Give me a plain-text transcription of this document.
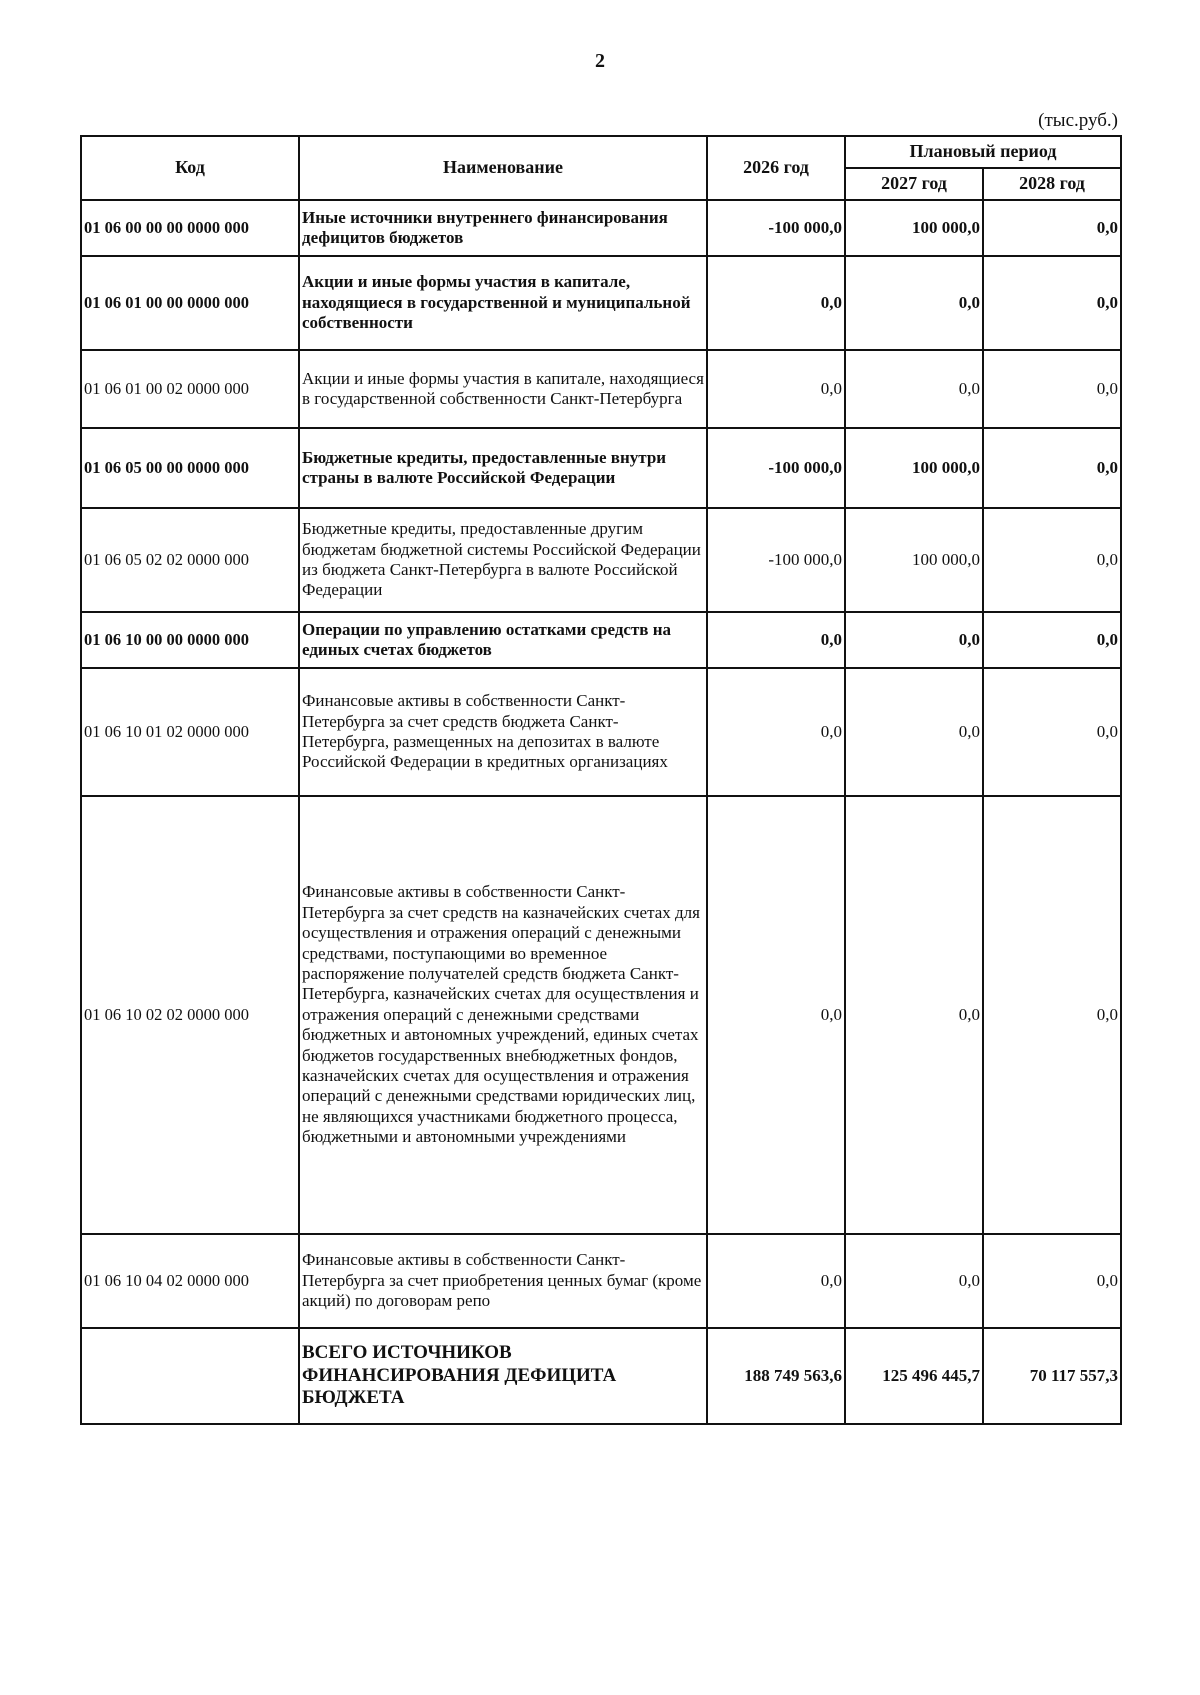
2
(тыс.руб.)
Код	Наименование	2026 год	Плановый период	
			2027 год	2028 год
01 06 00 00 00 0000 000	Иные источники внутреннего финансирования дефицитов бюджетов	-100 000,0	100 000,0	0,0
01 06 01 00 00 0000 000	Акции и иные формы участия в капитале, находящиеся в государственной и муниципальной собственности	0,0	0,0	0,0
01 06 01 00 02 0000 000	Акции и иные формы участия в капитале, находящиеся в государственной собственности Санкт-Петербурга	0,0	0,0	0,0
01 06 05 00 00 0000 000	Бюджетные кредиты, предоставленные внутри страны в валюте Российской Федерации	-100 000,0	100 000,0	0,0
01 06 05 02 02 0000 000	Бюджетные кредиты, предоставленные другим бюджетам бюджетной системы Российской Федерации из бюджета Санкт-Петербурга в валюте Российской Федерации	-100 000,0	100 000,0	0,0
01 06 10 00 00 0000 000	Операции по управлению остатками средств на единых счетах бюджетов	0,0	0,0	0,0
01 06 10 01 02 0000 000	Финансовые активы в собственности Санкт-Петербурга за счет средств бюджета Санкт-Петербурга, размещенных на депозитах в валюте Российской Федерации в кредитных организациях	0,0	0,0	0,0
01 06 10 02 02 0000 000	Финансовые активы в собственности Санкт-Петербурга за счет средств на казначейских счетах для осуществления и отражения операций с денежными средствами, поступающими во временное распоряжение получателей средств бюджета Санкт-Петербурга, казначейских счетах для осуществления и отражения операций с денежными средствами бюджетных и автономных учреждений, единых счетах бюджетов государственных внебюджетных фондов, казначейских счетах для осуществления и отражения операций с денежными средствами юридических лиц, не являющихся участниками бюджетного процесса, бюджетными и автономными учреждениями	0,0	0,0	0,0
01 06 10 04 02 0000 000	Финансовые активы в собственности Санкт-Петербурга за счет приобретения ценных бумаг (кроме акций) по договорам репо	0,0	0,0	0,0
	ВСЕГО ИСТОЧНИКОВ ФИНАНСИРОВАНИЯ ДЕФИЦИТА БЮДЖЕТА	188 749 563,6	125 496 445,7	70 117 557,3
